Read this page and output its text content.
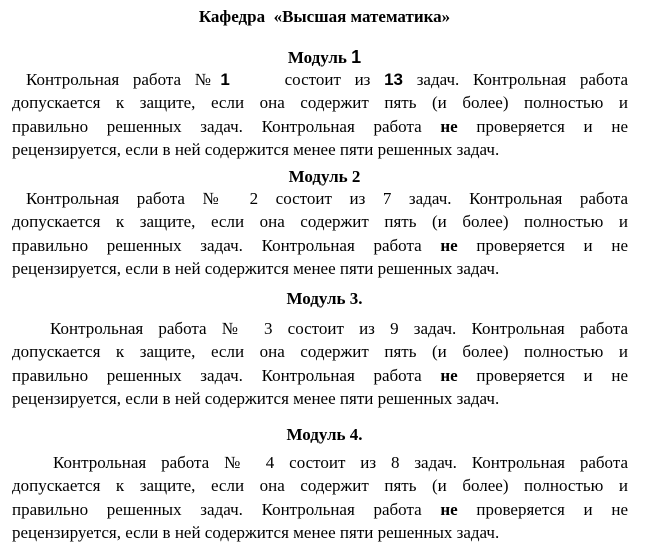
Кафедра  «Высшая математика»
Модуль 1
Контрольная работа №1	состоит из 13 задач. Контрольная работа
допускается к защите, если она содержит пять (и более) полностью и
правильно решенных задач. Контрольная работа не проверяется и не
рецензируется, если в ней содержится менее пяти решенных задач.
Модуль 2
Контрольная работа № 2 состоит из 7 задач. Контрольная работа
допускается к защите, если она содержит пять (и более) полностью и
правильно решенных задач. Контрольная работа не проверяется и не
рецензируется, если в ней содержится менее пяти решенных задач.
Модуль 3.
Контрольная работа № 3 состоит из 9 задач. Контрольная работа
допускается к защите, если она содержит пять (и более) полностью и
правильно решенных задач. Контрольная работа не проверяется и не
рецензируется, если в ней содержится менее пяти решенных задач.
Модуль 4.
Контрольная работа № 4 состоит из 8 задач. Контрольная работа
допускается к защите, если она содержит пять (и более) полностью и
правильно решенных задач. Контрольная работа не проверяется и не
рецензируется, если в ней содержится менее пяти решенных задач.
